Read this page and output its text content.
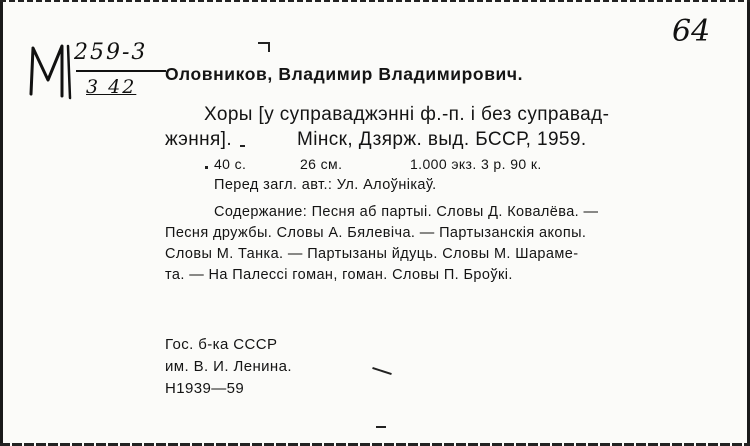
259-3
3 42
64
Оловников, Владимир Владимирович.
Хоры [у суправаджэнні ф.-п. і без суправад-
жэння].	Мінск, Дзярж. выд. БССР, 1959.
40 с.	26 см.	1.000 экз. 3 р. 90 к.
Перед загл. авт.: Ул. Алоўнікаў.
Содержание: Песня аб партыі. Словы Д. Ковалёва. —
Песня дружбы. Словы А. Бялевіча. — Партызанскія акопы.
Словы М. Танка. — Партызаны йдуць. Словы М. Шараме-
та. — На Палессі гоман, гоман. Словы П. Броўкі.
Гос. б-ка СССР
им. В. И. Ленина.
Н1939—59
